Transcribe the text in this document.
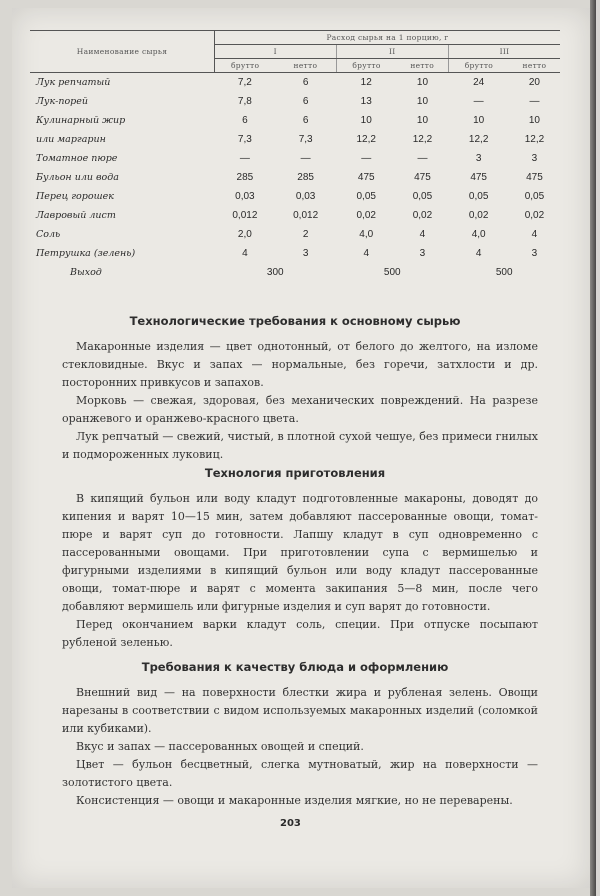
Наименование сырья	Расход сырья на 1 порцию, г					
	I		II		III	
	брутто	нетто	брутто	нетто	брутто	нетто
Лук репчатый	7,2	6	12	10	24	20
Лук-порей	7,8	6	13	10	—	—
Кулинарный жир	6	6	10	10	10	10
или маргарин	7,3	7,3	12,2	12,2	12,2	12,2
Томатное пюре	—	—	—	—	3	3
Бульон или вода	285	285	475	475	475	475
Перец горошек	0,03	0,03	0,05	0,05	0,05	0,05
Лавровый лист	0,012	0,012	0,02	0,02	0,02	0,02
Соль	2,0	2	4,0	4	4,0	4
Петрушка (зелень)	4	3	4	3	4	3
Выход	300		500		500	
Технологические требования к основному сырью

Макаронные изделия — цвет однотонный, от белого до желтого, на изломе стекловидные. Вкус и запах — нормальные, без горечи, затхлости и др. посторонних привкусов и запахов.

Морковь — свежая, здоровая, без механических повреждений. На разрезе оранжевого и оранжево-красного цвета.

Лук репчатый — свежий, чистый, в плотной сухой чешуе, без примеси гнилых и подмороженных луковиц.

Технология приготовления

В кипящий бульон или воду кладут подготовленные макароны, доводят до кипения и варят 10—15 мин, затем добавляют пассерованные овощи, томат-пюре и варят суп до готовности. Лапшу кладут в суп одновременно с пассерованными овощами. При приготовлении супа с вермишелью и фигурными изделиями в кипящий бульон или воду кладут пассерованные овощи, томат-пюре и варят с момента закипания 5—8 мин, после чего добавляют вермишель или фигурные изделия и суп варят до готовности.

Перед окончанием варки кладут соль, специи. При отпуске посыпают рубленой зеленью.

Требования к качеству блюда и оформлению

Внешний вид — на поверхности блестки жира и рубленая зелень. Овощи нарезаны в соответствии с видом используемых макаронных изделий (соломкой или кубиками).

Вкус и запах — пассерованных овощей и специй.

Цвет — бульон бесцветный, слегка мутноватый, жир на поверхности — золотистого цвета.

Консистенция — овощи и макаронные изделия мягкие, но не переварены.

203
